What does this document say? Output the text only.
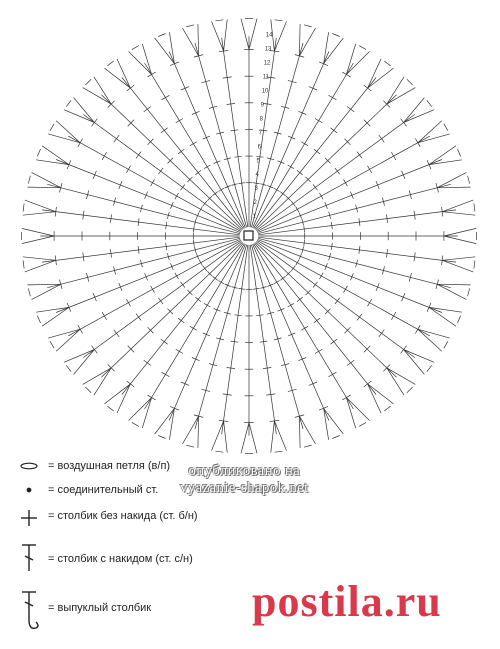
1
2
3
4
5
6
7
8
9
10
11
12
13
14
опубликовано на
vyazanie-shapok.net
= воздушная петля (в/п)
= соединительный ст.
= столбик без накида (ст. б/н)
= столбик с накидом (ст. с/н)
= выпуклый столбик postila.ru
